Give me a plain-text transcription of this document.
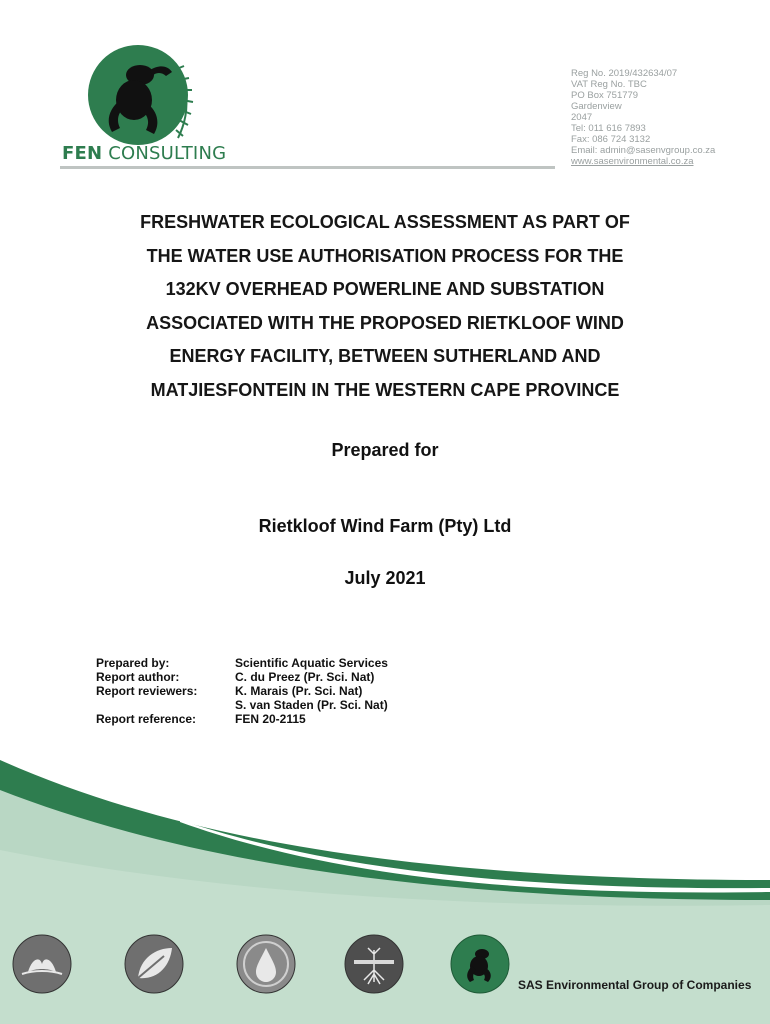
FEN CONSULTING
Reg No. 2019/432634/07
VAT Reg No. TBC
PO Box 751779
Gardenview
2047
Tel: 011 616 7893
Fax: 086 724 3132
Email: admin@sasenvgroup.co.za
www.sasenvironmental.co.za
FRESHWATER ECOLOGICAL ASSESSMENT AS PART OF
THE WATER USE AUTHORISATION PROCESS FOR THE
132KV OVERHEAD POWERLINE AND SUBSTATION
ASSOCIATED WITH THE PROPOSED RIETKLOOF WIND
ENERGY FACILITY, BETWEEN SUTHERLAND AND
MATJIESFONTEIN IN THE WESTERN CAPE PROVINCE
Prepared for
Rietkloof Wind Farm (Pty) Ltd
July 2021
Prepared by:	Scientific Aquatic Services
Report author:	C. du Preez (Pr. Sci. Nat)
Report reviewers:	K. Marais (Pr. Sci. Nat)
S. van Staden (Pr. Sci. Nat)
Report reference:	FEN 20-2115
SAS Environmental Group of Companies
